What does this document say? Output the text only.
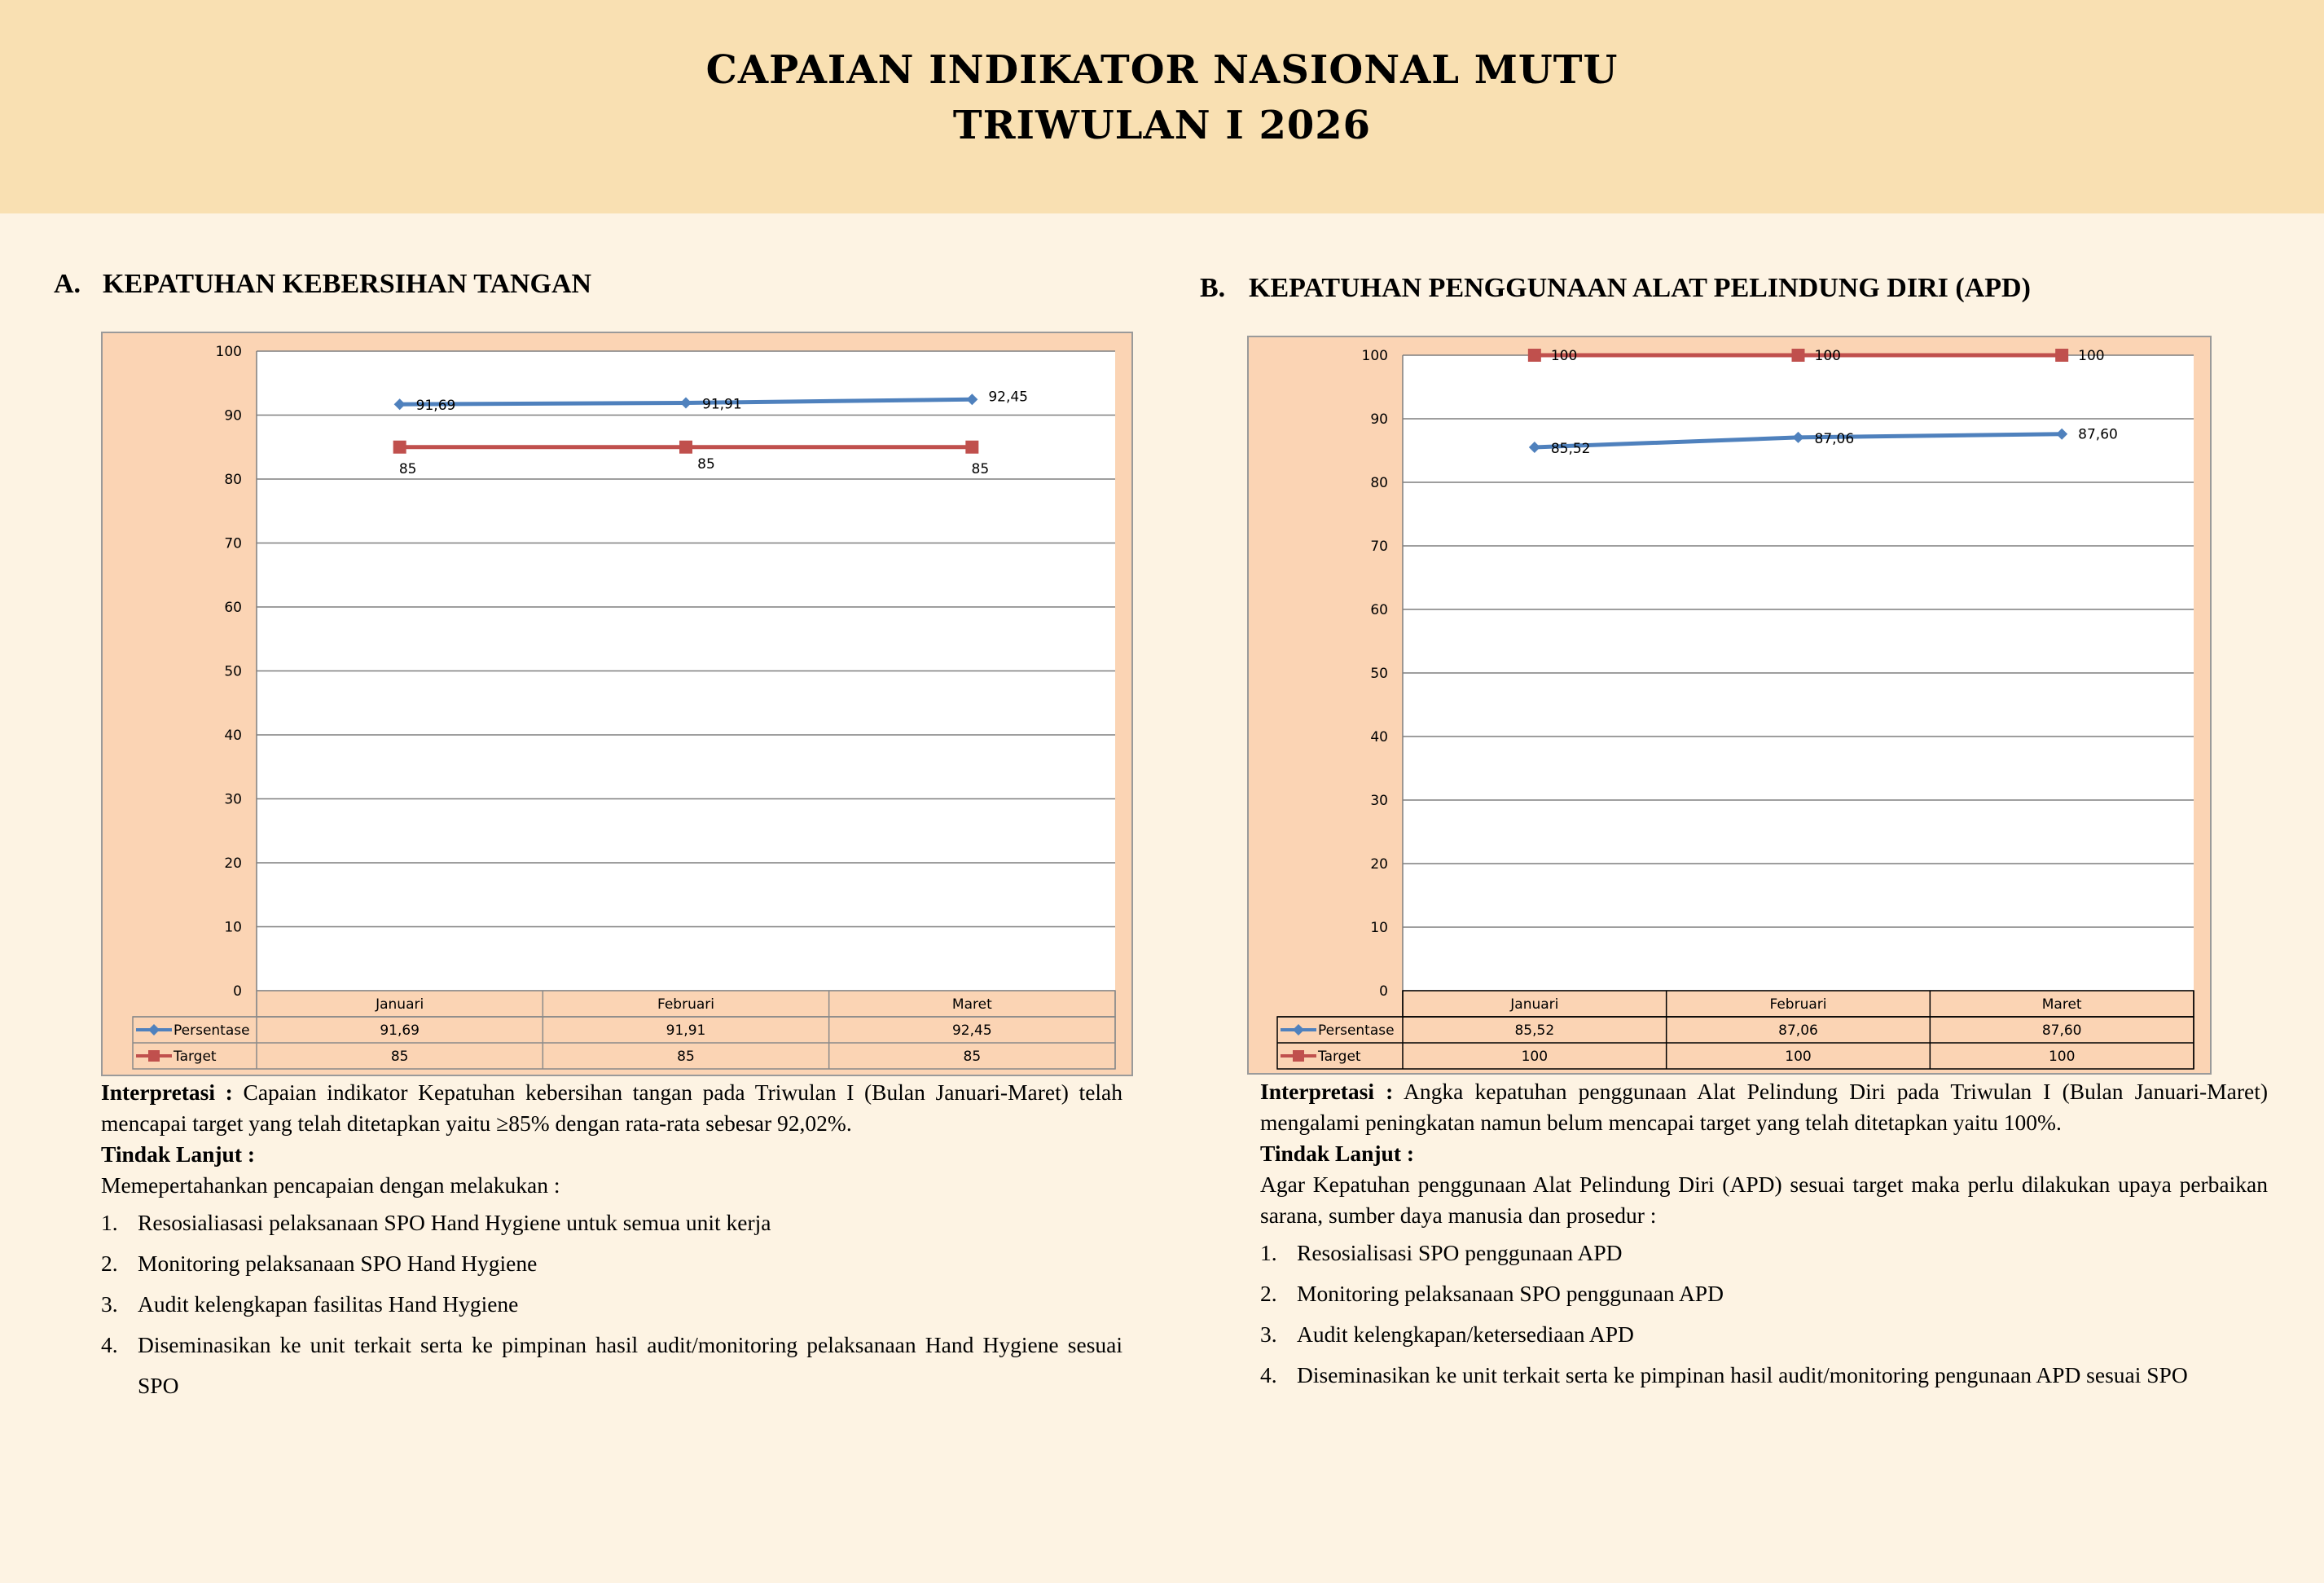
CAPAIAN INDIKATOR NASIONAL MUTU
TRIWULAN I 2026
A. KEPATUHAN KEBERSIHAN TANGAN
0
10
20
30
40
50
60
70
80
90
100
Januari	Februari	Maret
Persentase	91,69	91,91	92,45
91,69	91,91	92,45
Target	85	85	85
85	85	85

Interpretasi : Capaian indikator Kepatuhan kebersihan tangan pada Triwulan I (Bulan Januari-Maret) telah mencapai target yang telah ditetapkan yaitu ≥85% dengan rata-rata sebesar 92,02%.

Tindak Lanjut :

Memepertahankan pencapaian dengan melakukan :

1. Resosialiasasi pelaksanaan SPO Hand Hygiene untuk semua unit kerja
2. Monitoring pelaksanaan SPO Hand Hygiene
3. Audit kelengkapan fasilitas Hand Hygiene
4. Diseminasikan ke unit terkait serta ke pimpinan hasil audit/monitoring pelaksanaan Hand Hygiene sesuai SPO
B. KEPATUHAN PENGGUNAAN ALAT PELINDUNG DIRI (APD)
0
10
20
30
40
50
60
70
80
90
100
Januari	Februari	Maret
Persentase	85,52	87,06	87,60
85,52
87,06	87,60
Target	100	100	100
100	100	100

Interpretasi : Angka kepatuhan penggunaan Alat Pelindung Diri pada Triwulan I (Bulan Januari-Maret) mengalami peningkatan namun belum mencapai target yang telah ditetapkan yaitu 100%.

Tindak Lanjut :

Agar Kepatuhan penggunaan Alat Pelindung Diri (APD) sesuai target maka perlu dilakukan upaya perbaikan sarana, sumber daya manusia dan prosedur :

1. Resosialisasi SPO penggunaan APD
2. Monitoring pelaksanaan SPO penggunaan APD
3. Audit kelengkapan/ketersediaan APD
4. Diseminasikan ke unit terkait serta ke pimpinan hasil audit/monitoring pengunaan APD sesuai SPO
